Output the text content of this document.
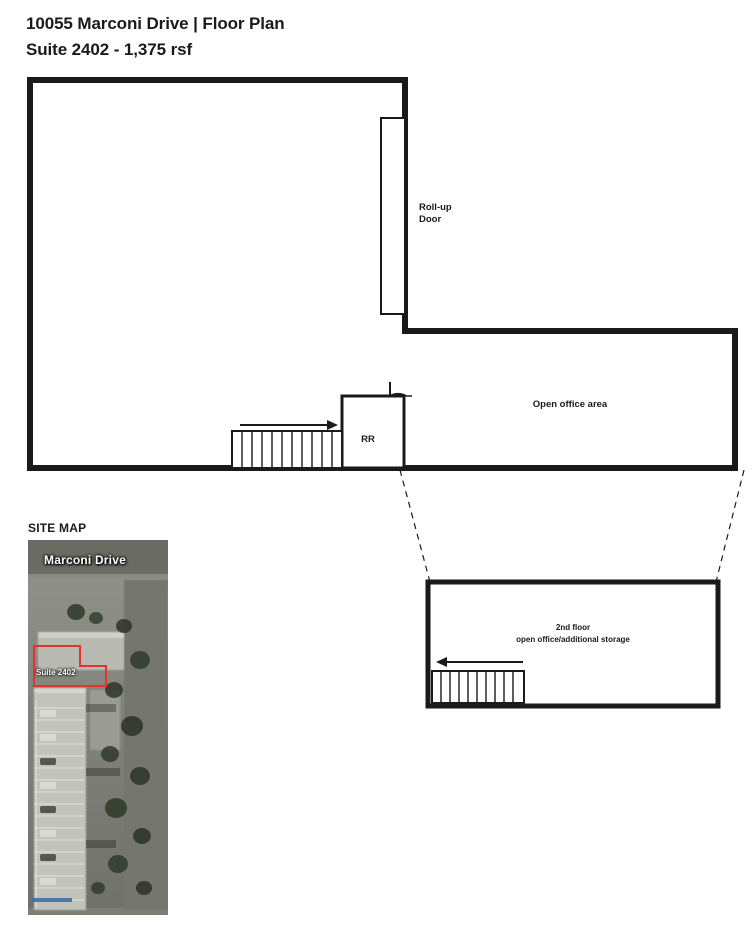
10055 Marconi Drive | Floor Plan
Suite 2402 - 1,375 rsf
Roll-up
Door
RR
Open office area
2nd floor
open office/additional storage
SITE MAP
Marconi Drive
Suite 2402
